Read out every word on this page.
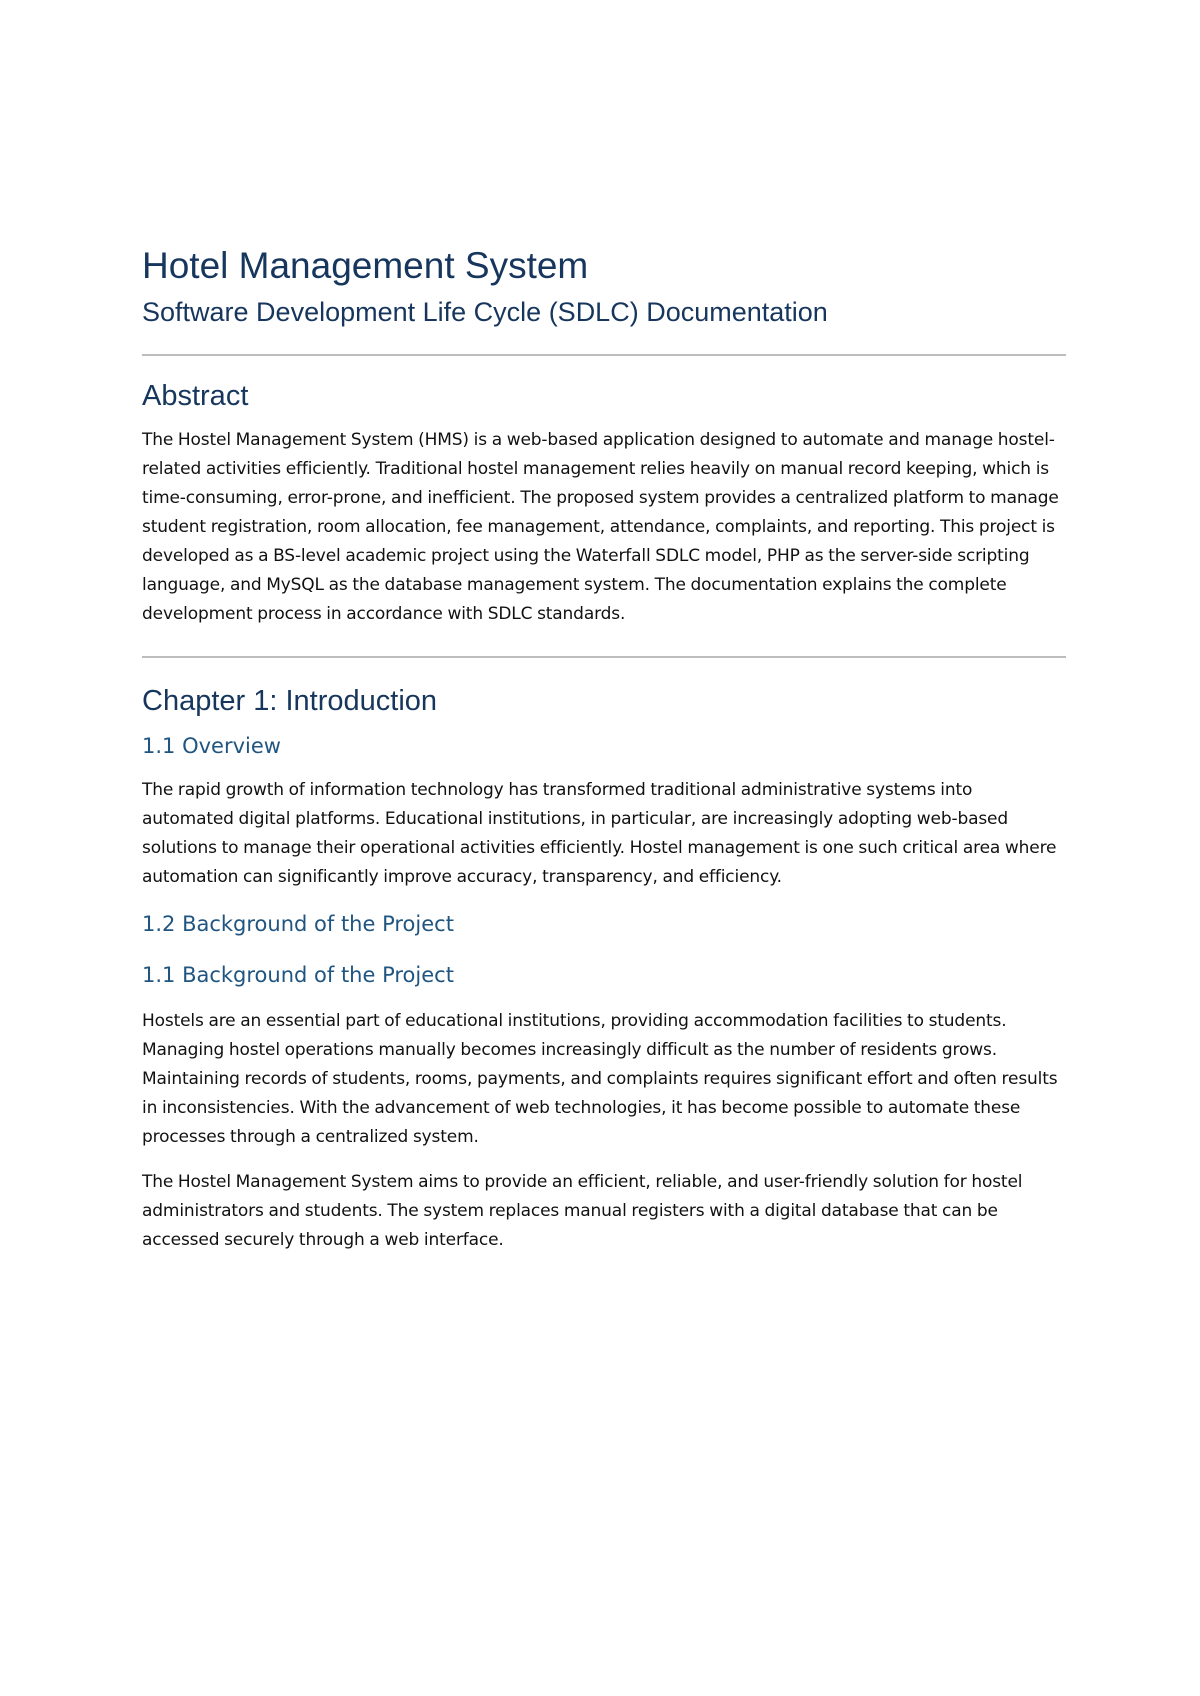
Hotel Management System
Software Development Life Cycle (SDLC) Documentation
Abstract

The Hostel Management System (HMS) is a web-based application designed to automate and manage hostel-related activities efficiently. Traditional hostel management relies heavily on manual record keeping, which is time-consuming, error-prone, and inefficient. The proposed system provides a centralized platform to manage student registration, room allocation, fee management, attendance, complaints, and reporting. This project is developed as a BS-level academic project using the Waterfall SDLC model, PHP as the server-side scripting language, and MySQL as the database management system. The documentation explains the complete development process in accordance with SDLC standards.

Chapter 1: Introduction
1.1 Overview

The rapid growth of information technology has transformed traditional administrative systems into automated digital platforms. Educational institutions, in particular, are increasingly adopting web-based solutions to manage their operational activities efficiently. Hostel management is one such critical area where automation can significantly improve accuracy, transparency, and efficiency.

1.2 Background of the Project
1.1 Background of the Project

Hostels are an essential part of educational institutions, providing accommodation facilities to students. Managing hostel operations manually becomes increasingly difficult as the number of residents grows. Maintaining records of students, rooms, payments, and complaints requires significant effort and often results in inconsistencies. With the advancement of web technologies, it has become possible to automate these processes through a centralized system.

The Hostel Management System aims to provide an efficient, reliable, and user-friendly solution for hostel administrators and students. The system replaces manual registers with a digital database that can be accessed securely through a web interface.
